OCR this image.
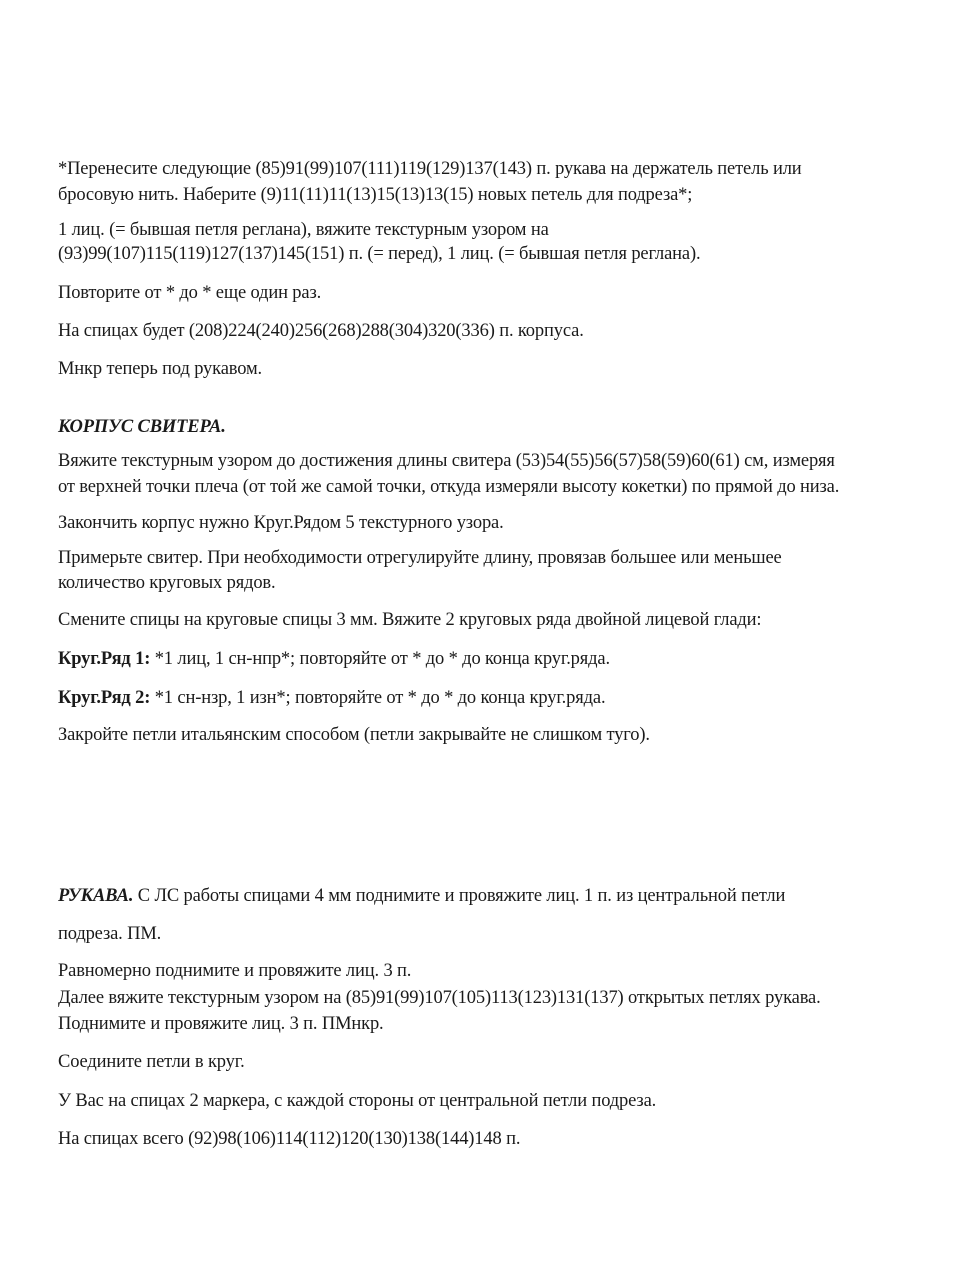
*Перенесите следующие (85)91(99)107(111)119(129)137(143) п. рукава на держатель петель или

бросовую нить. Наберите (9)11(11)11(13)15(13)13(15) новых петель для подреза*;

1 лиц. (= бывшая петля реглана), вяжите текстурным узором на

(93)99(107)115(119)127(137)145(151) п. (= перед), 1 лиц. (= бывшая петля реглана).

Повторите от * до * еще один раз.

На спицах будет (208)224(240)256(268)288(304)320(336) п. корпуса.

Мнкр теперь под рукавом.

КОРПУС СВИТЕРА.

Вяжите текстурным узором до достижения длины свитера (53)54(55)56(57)58(59)60(61) см, измеряя

от верхней точки плеча (от той же самой точки, откуда измеряли высоту кокетки) по прямой до низа.

Закончить корпус нужно Круг.Рядом 5 текстурного узора.

Примерьте свитер. При необходимости отрегулируйте длину, провязав большее или меньшее

количество круговых рядов.

Смените спицы на круговые спицы 3 мм. Вяжите 2 круговых ряда двойной лицевой глади:

Круг.Ряд 1: *1 лиц, 1 сн-нпр*; повторяйте от * до * до конца круг.ряда.

Круг.Ряд 2: *1 сн-нзр, 1 изн*; повторяйте от * до * до конца круг.ряда.

Закройте петли итальянским способом (петли закрывайте не слишком туго).

РУКАВА. С ЛС работы спицами 4 мм поднимите и провяжите лиц. 1 п. из центральной петли

подреза. ПМ.

Равномерно поднимите и провяжите лиц. 3 п.

Далее вяжите текстурным узором на (85)91(99)107(105)113(123)131(137) открытых петлях рукава.

Поднимите и провяжите лиц. 3 п. ПМнкр.

Соедините петли в круг.

У Вас на спицах 2 маркера, с каждой стороны от центральной петли подреза.

На спицах всего (92)98(106)114(112)120(130)138(144)148 п.
